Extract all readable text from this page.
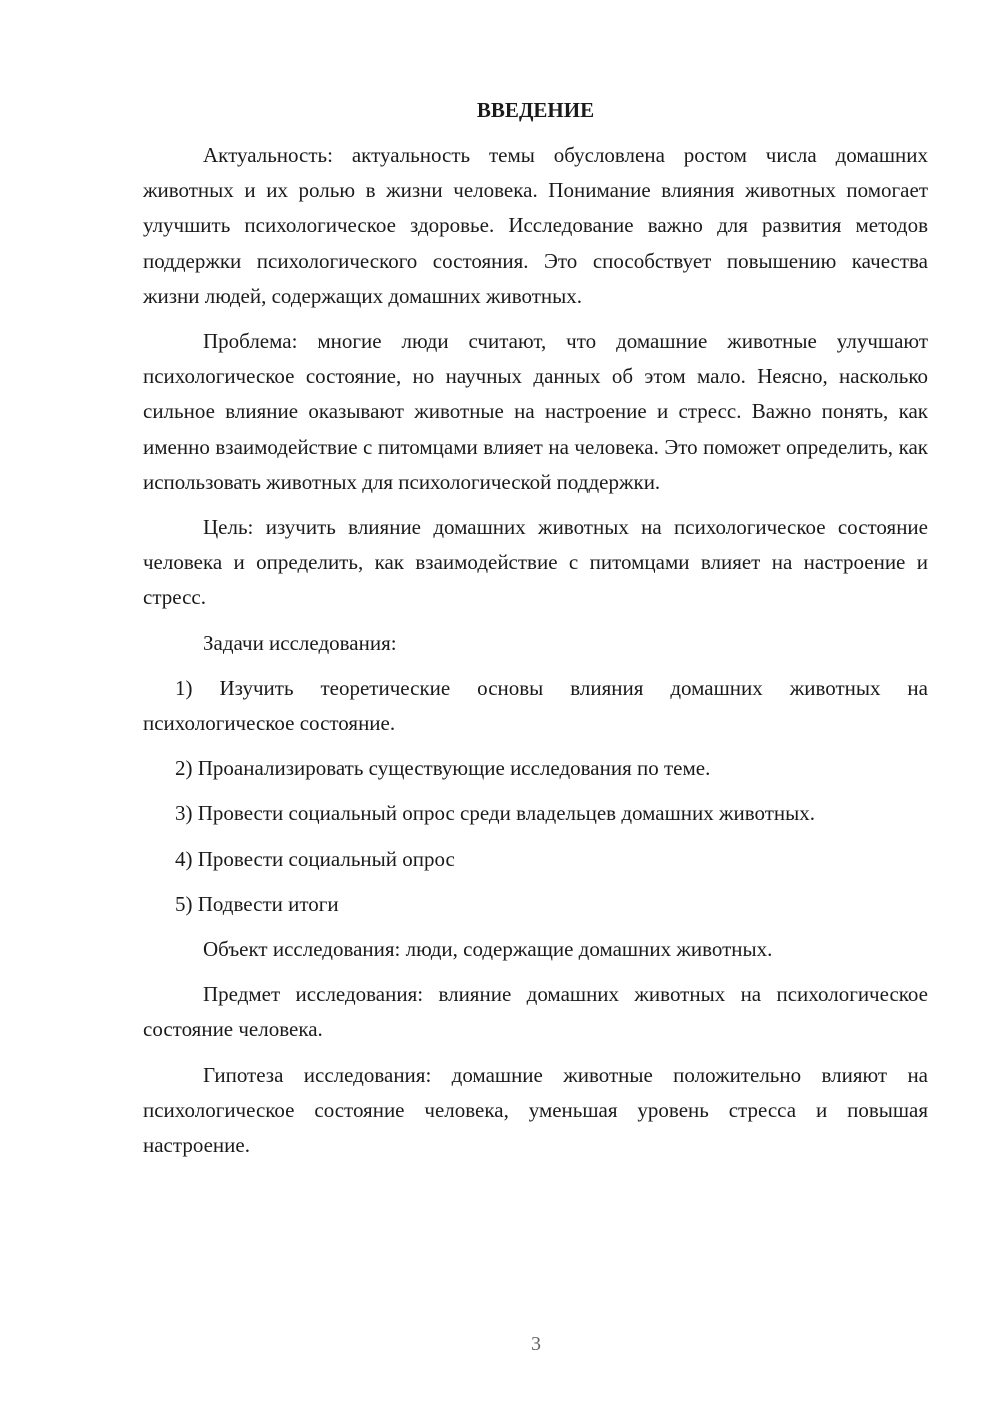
ВВЕДЕНИЕ

Актуальность: актуальность темы обусловлена ростом числа домашних животных и их ролью в жизни человека. Понимание влияния животных помогает улучшить психологическое здоровье. Исследование важно для развития методов поддержки психологического состояния. Это способствует повышению качества жизни людей, содержащих домашних животных.

Проблема: многие люди считают, что домашние животные улучшают психологическое состояние, но научных данных об этом мало. Неясно, насколько сильное влияние оказывают животные на настроение и стресс. Важно понять, как именно взаимодействие с питомцами влияет на человека. Это поможет определить, как использовать животных для психологической поддержки.

Цель: изучить влияние домашних животных на психологическое состояние человека и определить, как взаимодействие с питомцами влияет на настроение и стресс.

Задачи исследования:

1) Изучить теоретические основы влияния домашних животных на психологическое состояние.

2) Проанализировать существующие исследования по теме.

3) Провести социальный опрос среди владельцев домашних животных.

4) Провести социальный опрос

5) Подвести итоги

Объект исследования: люди, содержащие домашних животных.

Предмет исследования: влияние домашних животных на психологическое состояние человека.

Гипотеза исследования: домашние животные положительно влияют на психологическое состояние человека, уменьшая уровень стресса и повышая настроение.

3
